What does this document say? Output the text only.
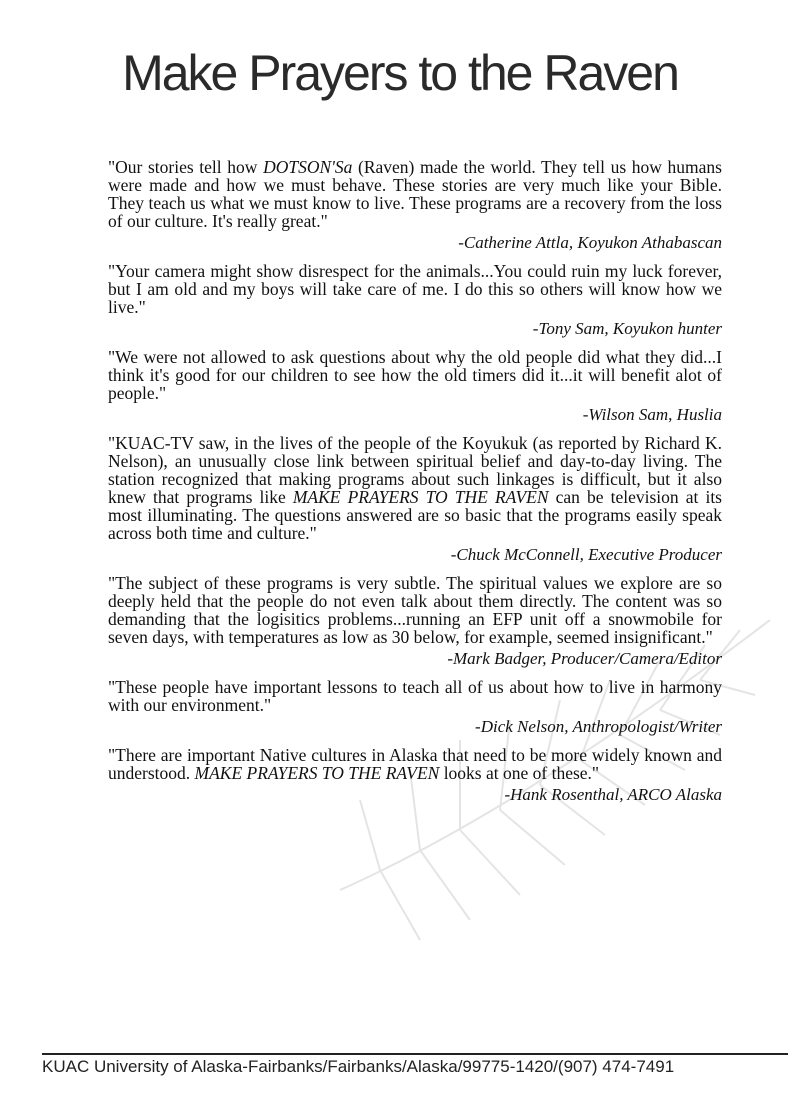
Make Prayers to the Raven

"Our stories tell how DOTSON'Sa (Raven) made the world. They tell us how humans were made and how we must behave. These stories are very much like your Bible. They teach us what we must know to live. These programs are a recovery from the loss of our culture. It's really great."

-Catherine Attla, Koyukon Athabascan

"Your camera might show disrespect for the animals...You could ruin my luck forever, but I am old and my boys will take care of me. I do this so others will know how we live."

-Tony Sam, Koyukon hunter

"We were not allowed to ask questions about why the old people did what they did...I think it's good for our children to see how the old timers did it...it will benefit alot of people."

-Wilson Sam, Huslia

"KUAC-TV saw, in the lives of the people of the Koyukuk (as reported by Richard K. Nelson), an unusually close link between spiritual belief and day-to-day living. The station recognized that making programs about such linkages is difficult, but it also knew that programs like MAKE PRAYERS TO THE RAVEN can be television at its most illuminating. The questions answered are so basic that the programs easily speak across both time and culture."

-Chuck McConnell, Executive Producer

"The subject of these programs is very subtle. The spiritual values we explore are so deeply held that the people do not even talk about them directly. The content was so demanding that the logisitics problems...running an EFP unit off a snowmobile for seven days, with temperatures as low as 30 below, for example, seemed insignificant."

-Mark Badger, Producer/Camera/Editor

"These people have important lessons to teach all of us about how to live in harmony with our environment."

-Dick Nelson, Anthropologist/Writer

"There are important Native cultures in Alaska that need to be more widely known and understood. MAKE PRAYERS TO THE RAVEN looks at one of these."

-Hank Rosenthal, ARCO Alaska
KUAC University of Alaska-Fairbanks/Fairbanks/Alaska/99775-1420/(907) 474-7491
